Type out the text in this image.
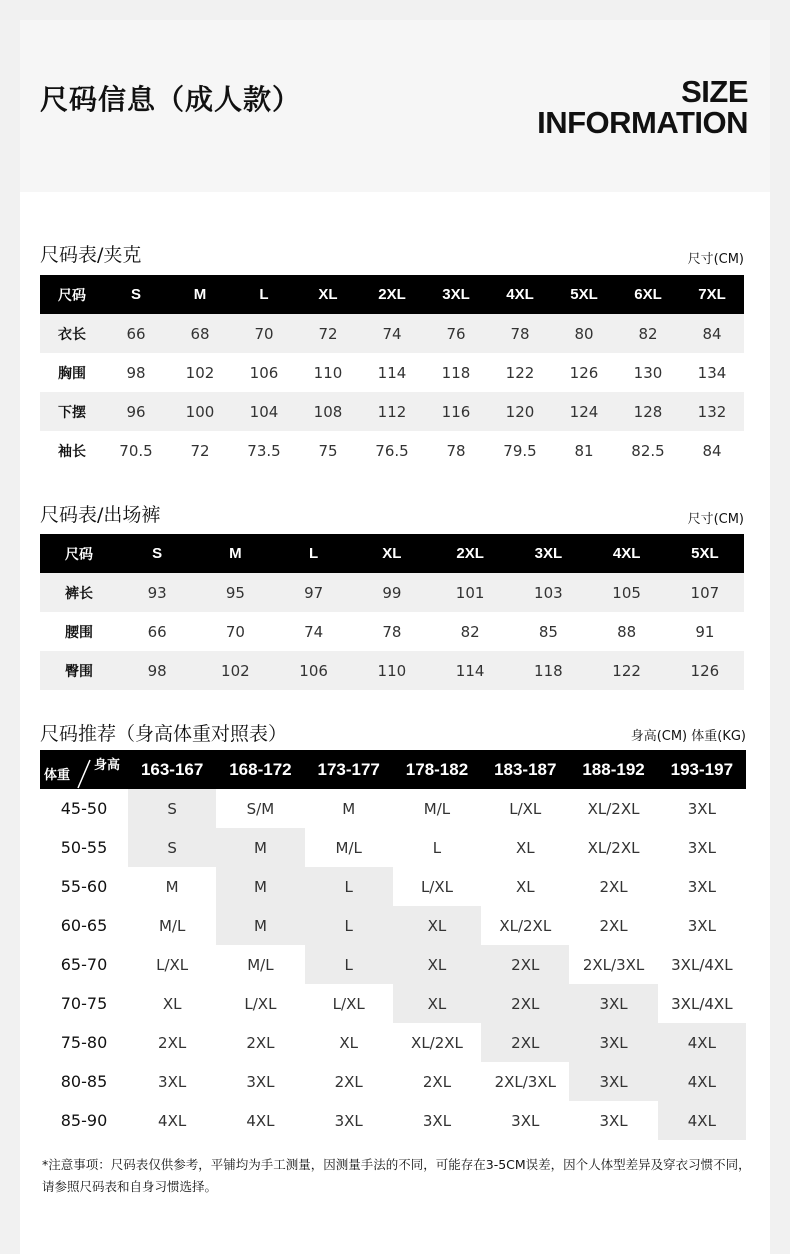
尺码信息（成人款）	SIZE
INFORMATION
尺码表/夹克	尺寸(CM)
尺码	S	M	L	XL	2XL	3XL	4XL	5XL	6XL	7XL
衣长	66	68	70	72	74	76	78	80	82	84
胸围	98	102	106	110	114	118	122	126	130	134
下摆	96	100	104	108	112	116	120	124	128	132
袖长	70.5	72	73.5	75	76.5	78	79.5	81	82.5	84
尺码表/出场裤	尺寸(CM)
尺码	S	M	L	XL	2XL	3XL	4XL	5XL
裤长	93	95	97	99	101	103	105	107
腰围	66	70	74	78	82	85	88	91
臀围	98	102	106	110	114	118	122	126
尺码推荐（身高体重对照表）	身高(CM) 体重(KG)
身高
体重	163-167	168-172	173-177	178-182	183-187	188-192	193-197
45-50	S	S/M	M	M/L	L/XL	XL/2XL	3XL
50-55	S	M	M/L	L	XL	XL/2XL	3XL
55-60	M	M	L	L/XL	XL	2XL	3XL
60-65	M/L	M	L	XL	XL/2XL	2XL	3XL
65-70	L/XL	M/L	L	XL	2XL	2XL/3XL	3XL/4XL
70-75	XL	L/XL	L/XL	XL	2XL	3XL	3XL/4XL
75-80	2XL	2XL	XL	XL/2XL	2XL	3XL	4XL
80-85	3XL	3XL	2XL	2XL	2XL/3XL	3XL	4XL
85-90	4XL	4XL	3XL	3XL	3XL	3XL	4XL
*注意事项：尺码表仅供参考，平铺均为手工测量，因测量手法的不同，可能存在3-5CM误差，因个人体型差异及穿衣习惯不同，请参照尺码表和自身习惯选择。
